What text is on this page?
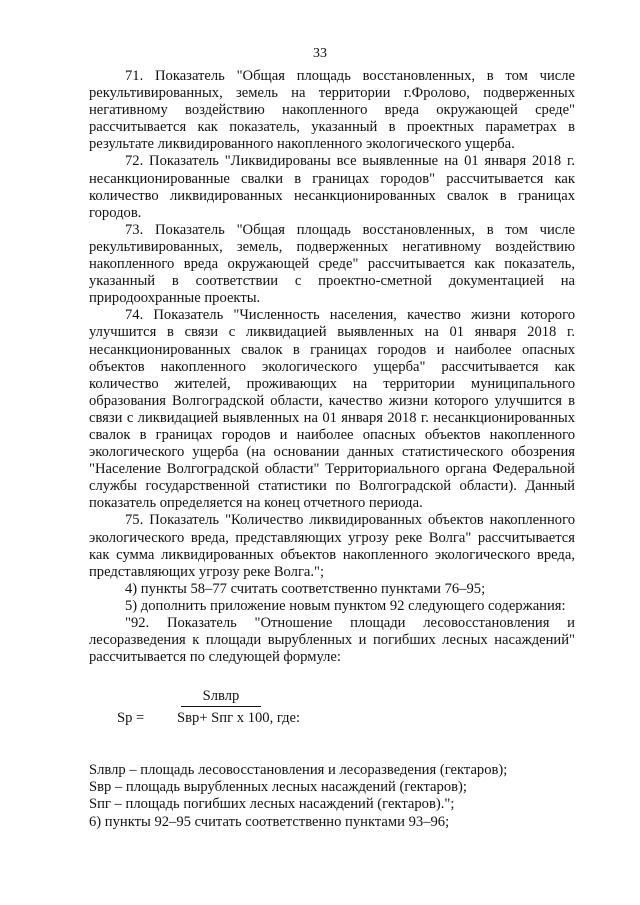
33

71. Показатель "Общая площадь восстановленных, в том числе рекультивированных, земель на территории г.Фролово, подверженных негативному воздействию накопленного вреда окружающей среде" рассчитывается как показатель, указанный в проектных параметрах в результате ликвидированного накопленного экологического ущерба.

72. Показатель "Ликвидированы все выявленные на 01 января 2018 г. несанкционированные свалки в границах городов" рассчитывается как количество ликвидированных несанкционированных свалок в границах городов.

73. Показатель "Общая площадь восстановленных, в том числе рекультивированных, земель, подверженных негативному воздействию накопленного вреда окружающей среде" рассчитывается как показатель, указанный в соответствии с проектно-сметной документацией на природоохранные проекты.

74. Показатель "Численность населения, качество жизни которого улучшится в связи с ликвидацией выявленных на 01 января 2018 г. несанкционированных свалок в границах городов и наиболее опасных объектов накопленного экологического ущерба" рассчитывается как количество жителей, проживающих на территории муниципального образования Волгоградской области, качество жизни которого улучшится в связи с ликвидацией выявленных на 01 января 2018 г. несанкционированных свалок в границах городов и наиболее опасных объектов накопленного экологического ущерба (на основании данных статистического обозрения "Население Волгоградской области" Территориального органа Федеральной службы государственной статистики по Волгоградской области). Данный показатель определяется на конец отчетного периода.

75. Показатель "Количество ликвидированных объектов накопленного экологического вреда, представляющих угрозу реке Волга" рассчитывается как сумма ликвидированных объектов накопленного экологического вреда, представляющих угрозу реке Волга.";

4) пункты 58–77 считать соответственно пунктами 76–95;

5) дополнить приложение новым пунктом 92 следующего содержания:

"92. Показатель "Отношение площади лесовосстановления и лесоразведения к площади вырубленных и погибших лесных насаждений" рассчитывается по следующей формуле:

Sлвлр
Sp = Sвр+ Sпг x 100, где:

Sлвлр – площадь лесовосстановления и лесоразведения (гектаров);

Sвр – площадь вырубленных лесных насаждений (гектаров);

Sпг – площадь погибших лесных насаждений (гектаров).";

6) пункты 92–95 считать соответственно пунктами 93–96;
